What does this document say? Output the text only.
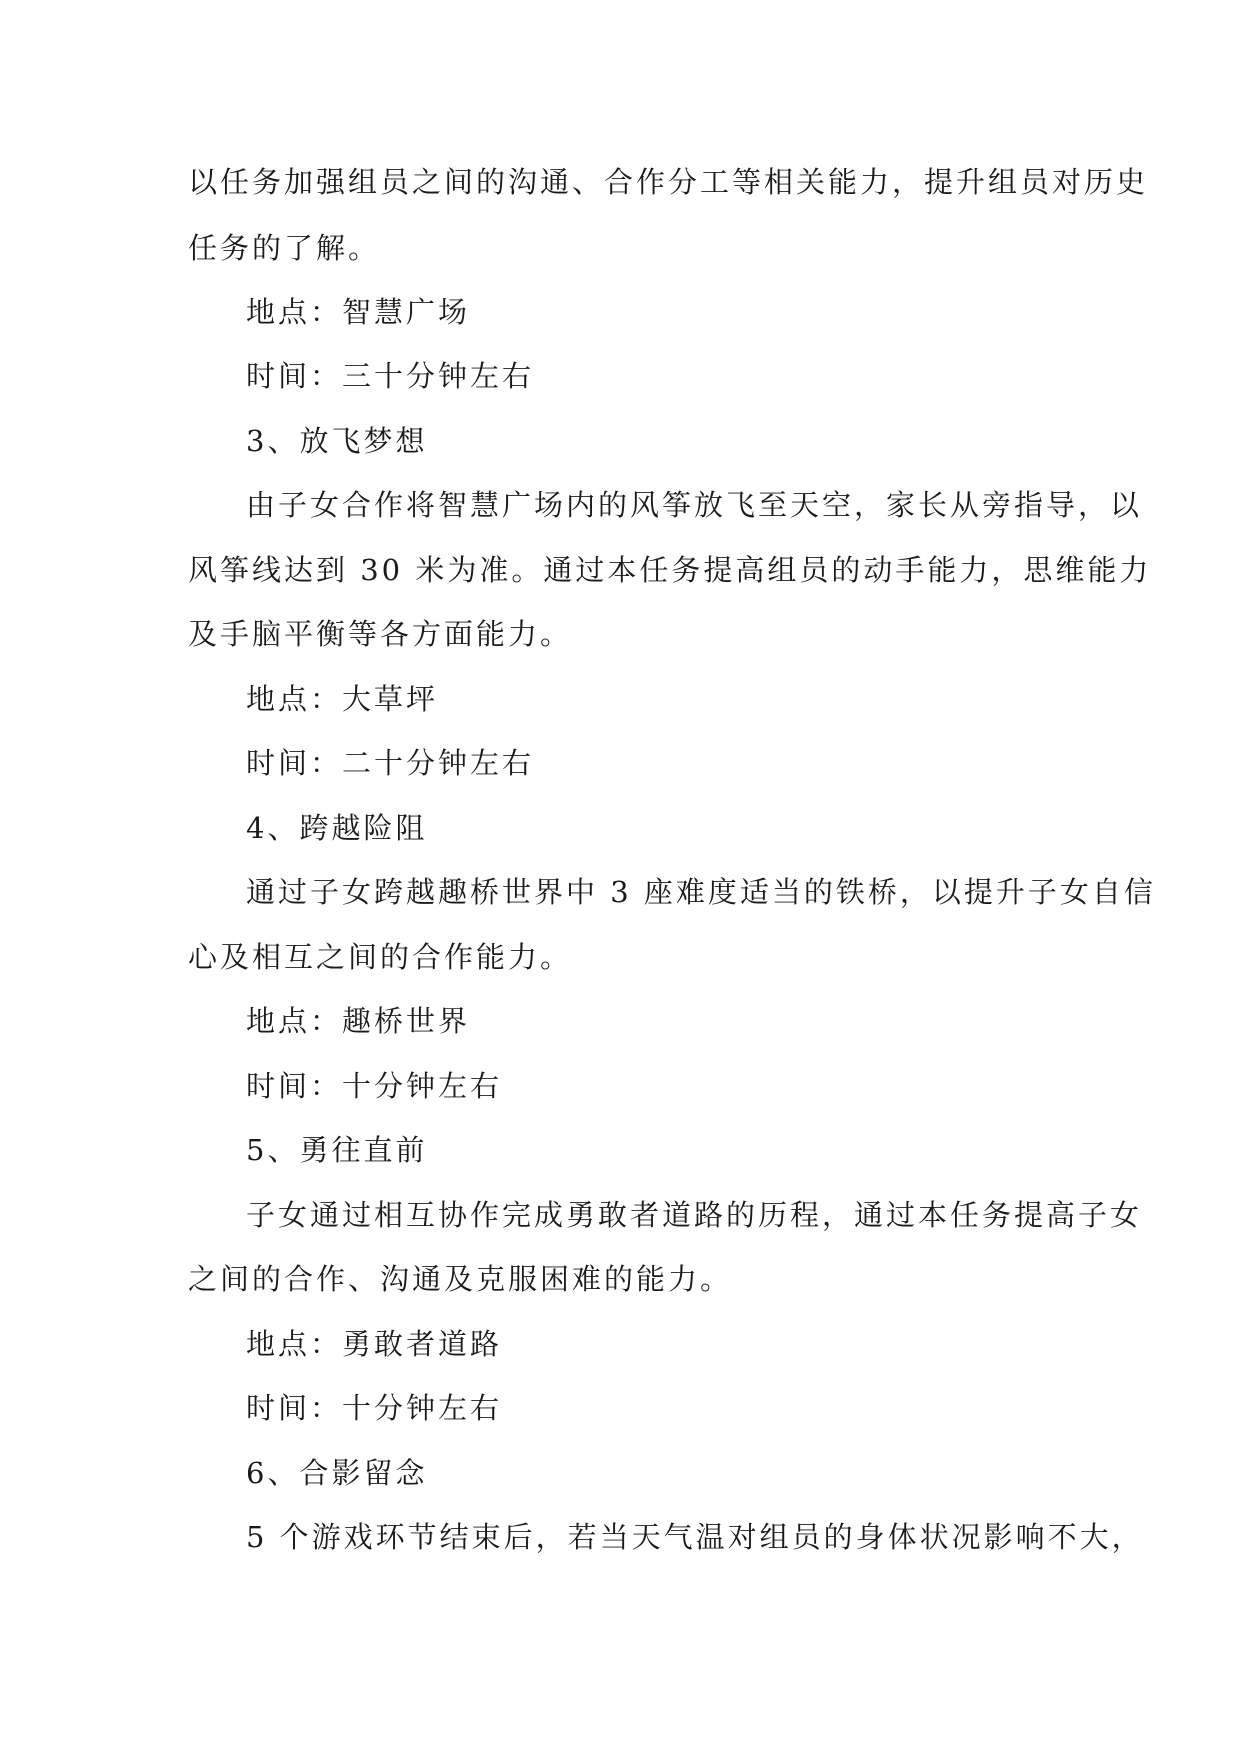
以任务加强组员之间的沟通、合作分工等相关能力，提升组员对历史

任务的了解。

地点：智慧广场

时间：三十分钟左右

3、放飞梦想

由子女合作将智慧广场内的风筝放飞至天空，家长从旁指导，以

风筝线达到 30 米为准。通过本任务提高组员的动手能力，思维能力

及手脑平衡等各方面能力。

地点：大草坪

时间：二十分钟左右

4、跨越险阻

通过子女跨越趣桥世界中 3 座难度适当的铁桥，以提升子女自信

心及相互之间的合作能力。

地点：趣桥世界

时间：十分钟左右

5、勇往直前

子女通过相互协作完成勇敢者道路的历程，通过本任务提高子女

之间的合作、沟通及克服困难的能力。

地点：勇敢者道路

时间：十分钟左右

6、合影留念

5 个游戏环节结束后，若当天气温对组员的身体状况影响不大，
